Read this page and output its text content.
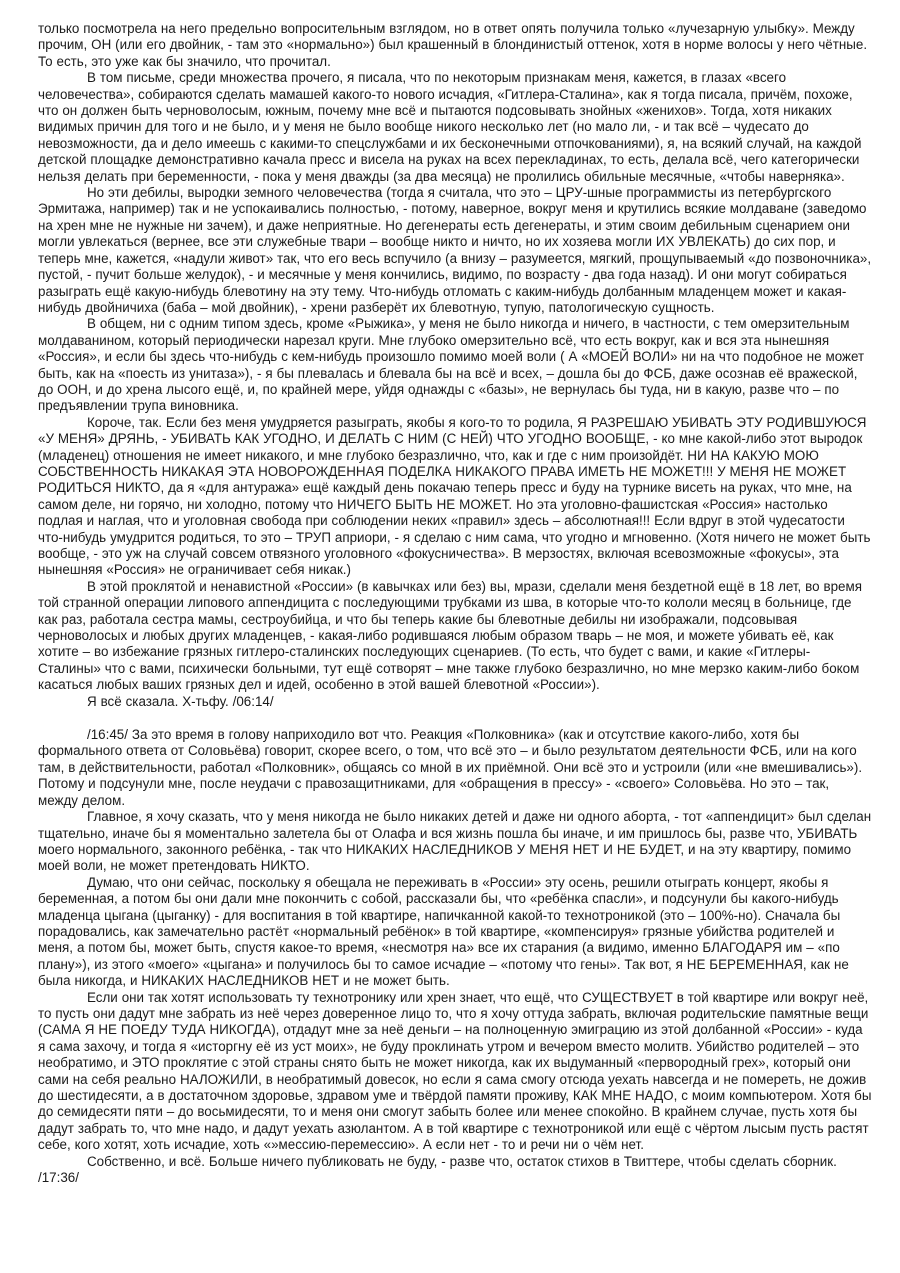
только посмотрела на него предельно вопросительным взглядом, но в ответ опять получила только «лучезарную улыбку». Между прочим, ОН (или его двойник, - там это «нормально») был крашенный в блондинистый оттенок, хотя в норме волосы у него чётные. То есть, это уже как бы значило, что прочитал.

В том письме, среди множества прочего, я писала, что по некоторым признакам меня, кажется, в глазах «всего человечества», собираются сделать мамашей какого-то нового исчадия, «Гитлера-Сталина», как я тогда писала, причём, похоже, что он должен быть черноволосым, южным, почему мне всё и пытаются подсовывать знойных «женихов». Тогда, хотя никаких видимых причин для того и не было, и у меня не было вообще никого несколько лет (но мало ли, - и так всё – чудесато до невозможности, да и дело имеешь с какими-то спецслужбами и их бесконечными отпочкованиями), я, на всякий случай, на каждой детской площадке демонстративно качала пресс и висела на руках на всех перекладинах, то есть, делала всё, чего категорически нельзя делать при беременности, - пока у меня дважды (за два месяца) не пролились обильные месячные, «чтобы наверняка».

Но эти дебилы, выродки земного человечества (тогда я считала, что это – ЦРУ-шные программисты из петербургского Эрмитажа, например) так и не успокаивались полностью, - потому, наверное, вокруг меня и крутились всякие молдаване (заведомо на хрен мне не нужные ни зачем), и даже неприятные. Но дегенераты есть дегенераты, и этим своим дебильным сценарием они могли увлекаться (вернее, все эти служебные твари – вообще никто и ничто, но их хозяева могли ИХ УВЛЕКАТЬ) до сих пор, и теперь мне, кажется, «надули живот» так, что его весь вспучило (а внизу – разумеется, мягкий, прощупываемый «до позвоночника», пустой, - пучит больше желудок), - и месячные у меня кончились, видимо, по возрасту - два года назад). И они могут собираться разыграть ещё какую-нибудь блевотину на эту тему. Что-нибудь отломать с каким-нибудь долбанным младенцем может и какая-нибудь двойничиха (баба – мой двойник), - хрени разберёт их блевотную, тупую, патологическую сущность.

В общем, ни с одним типом здесь, кроме «Рыжика», у меня не было никогда и ничего, в частности, с тем омерзительным молдаванином, который периодически нарезал круги. Мне глубоко омерзительно всё, что есть вокруг, как и вся эта нынешняя «Россия», и если бы здесь что-нибудь с кем-нибудь произошло помимо моей воли ( А «МОЕЙ ВОЛИ» ни на что подобное не может быть, как на «поесть из унитаза»), - я бы плевалась и блевала бы на всё и всех, – дошла бы до ФСБ, даже осознав её вражеской, до ООН, и до хрена лысого ещё, и, по крайней мере, уйдя однажды с «базы», не вернулась бы туда, ни в какую, разве что – по предъявлении трупа виновника.

Короче, так. Если без меня умудряется разыграть, якобы я кого-то то родила, Я РАЗРЕШАЮ УБИВАТЬ ЭТУ РОДИВШУЮСЯ «У МЕНЯ» ДРЯНЬ, - УБИВАТЬ КАК УГОДНО, И ДЕЛАТЬ С НИМ (С НЕЙ) ЧТО УГОДНО ВООБЩЕ, - ко мне какой-либо этот выродок (младенец) отношения не имеет никакого, и мне глубоко безразлично, что, как и где с ним произойдёт. НИ НА КАКУЮ МОЮ СОБСТВЕННОСТЬ НИКАКАЯ ЭТА НОВОРОЖДЕННАЯ ПОДЕЛКА НИКАКОГО ПРАВА ИМЕТЬ НЕ МОЖЕТ!!! У МЕНЯ НЕ МОЖЕТ РОДИТЬСЯ НИКТО, да я «для антуража» ещё каждый день покачаю теперь пресс и буду на турнике висеть на руках, что мне, на самом деле, ни горячо, ни холодно, потому что НИЧЕГО БЫТЬ НЕ МОЖЕТ. Но эта уголовно-фашистская «Россия» настолько подлая и наглая, что и уголовная свобода при соблюдении неких «правил» здесь – абсолютная!!! Если вдруг в этой чудесатости что-нибудь умудрится родиться, то это – ТРУП априори, - я сделаю с ним сама, что угодно и мгновенно. (Хотя ничего не может быть вообще, - это уж на случай совсем отвязного уголовного «фокусничества». В мерзостях, включая всевозможные «фокусы», эта нынешняя «Россия» не ограничивает себя никак.)

В этой проклятой и ненавистной «России» (в кавычках или без) вы, мрази, сделали меня бездетной ещё в 18 лет, во время той странной операции липового аппендицита с последующими трубками из шва, в которые что-то кололи месяц в больнице, где как раз, работала сестра мамы, сестроубийца, и что бы теперь какие бы блевотные дебилы ни изображали, подсовывая черноволосых и любых других младенцев, - какая-либо родившаяся любым образом тварь – не моя, и можете убивать её, как хотите – во избежание грязных гитлеро-сталинских последующих сценариев. (То есть, что будет с вами, и какие «Гитлеры-Сталины» что с вами, психически больными, тут ещё сотворят – мне также глубоко безразлично, но мне мерзко каким-либо боком касаться любых ваших грязных дел и идей, особенно в этой вашей блевотной «России»).

Я всё сказала. Х-тьфу. /06:14/

/16:45/ За это время в голову наприходило вот что. Реакция «Полковника» (как и отсутствие какого-либо, хотя бы формального ответа от Соловьёва) говорит, скорее всего, о том, что всё это – и было результатом деятельности ФСБ, или на кого там, в действительности, работал «Полковник», общаясь со мной в их приёмной. Они всё это и устроили (или «не вмешивались»). Потому и подсунули мне, после неудачи с правозащитниками, для «обращения в прессу» - «своего» Соловьёва. Но это – так, между делом.

Главное, я хочу сказать, что у меня никогда не было никаких детей и даже ни одного аборта, - тот «аппендицит» был сделан тщательно, иначе бы я моментально залетела бы от Олафа и вся жизнь пошла бы иначе, и им пришлось бы, разве что, УБИВАТЬ моего нормального, законного ребёнка, - так что НИКАКИХ НАСЛЕДНИКОВ У МЕНЯ НЕТ И НЕ БУДЕТ, и на эту квартиру, помимо моей воли, не может претендовать НИКТО.

Думаю, что они сейчас, поскольку я обещала не переживать в «России» эту осень, решили отыграть концерт, якобы я беременная, а потом бы они дали мне покончить с собой, рассказали бы, что «ребёнка спасли», и подсунули бы какого-нибудь младенца цыгана (цыганку) - для воспитания в той квартире, напичканной какой-то технотроникой (это – 100%-но). Сначала бы порадовались, как замечательно растёт «нормальный ребёнок» в той квартире, «компенсируя» грязные убийства родителей и меня, а потом бы, может быть, спустя какое-то время, «несмотря на» все их старания (а видимо, именно БЛАГОДАРЯ им – «по плану»), из этого «моего» «цыгана» и получилось бы то самое исчадие – «потому что гены». Так вот, я НЕ БЕРЕМЕННАЯ, как не была никогда, и НИКАКИХ НАСЛЕДНИКОВ НЕТ и не может быть.

Если они так хотят использовать ту технотронику или хрен знает, что ещё, что СУЩЕСТВУЕТ в той квартире или вокруг неё, то пусть они дадут мне забрать из неё через доверенное лицо то, что я хочу оттуда забрать, включая родительские памятные вещи (САМА Я НЕ ПОЕДУ ТУДА НИКОГДА), отдадут мне за неё деньги – на полноценную эмиграцию из этой долбанной «России» - куда я сама захочу, и тогда я «исторгну её из уст моих», не буду проклинать утром и вечером вместо молитв. Убийство родителей – это необратимо, и ЭТО проклятие с этой страны снято быть не может никогда, как их выдуманный «первородный грех», который они сами на себя реально НАЛОЖИЛИ, в необратимый довесок, но если я сама смогу отсюда уехать навсегда и не помереть, не дожив до шестидесяти, а в достаточном здоровье, здравом уме и твёрдой памяти проживу, КАК МНЕ НАДО, с моим компьютером. Хотя бы до семидесяти пяти – до восьмидесяти, то и меня они смогут забыть более или менее спокойно. В крайнем случае, пусть хотя бы дадут забрать то, что мне надо, и дадут уехать азюлантом. А в той квартире с технотроникой или ещё с чёртом лысым пусть растят себе, кого хотят, хоть исчадие, хоть «»мессию-перемессию». А если нет - то и речи ни о чём нет.

Собственно, и всё. Больше ничего публиковать не буду, - разве что, остаток стихов в Твиттере, чтобы сделать сборник.

/17:36/
